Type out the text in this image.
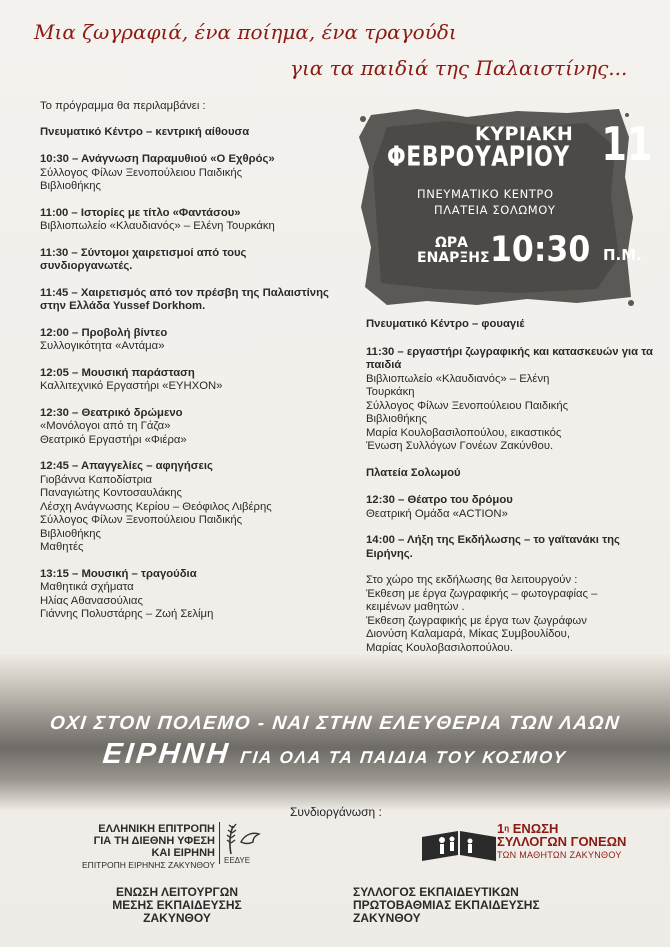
Μια ζωγραφιά, ένα ποίημα, ένα τραγούδι
για τα παιδιά της Παλαιστίνης...
Το πρόγραμμα θα περιλαμβάνει :
Πνευματικό Κέντρο – κεντρική αίθουσα
10:30 – Ανάγνωση Παραμυθιού «Ο Εχθρός»
Σύλλογος Φίλων Ξενοπούλειου Παιδικής
Βιβλιοθήκης
11:00 – Ιστορίες με τίτλο «Φαντάσου»
Βιβλιοπωλείο «Κλαυδιανός» – Ελένη Τουρκάκη
11:30 – Σύντομοι χαιρετισμοί από τους συνδιοργανωτές.
11:45 – Χαιρετισμός από τον πρέσβη της Παλαιστίνης στην Ελλάδα Yussef Dorkhom.
12:00 – Προβολή βίντεο
Συλλογικότητα «Αντάμα»
12:05 – Μουσική παράσταση
Καλλιτεχνικό Εργαστήρι «ΕΥΗΧΟΝ»
12:30 – Θεατρικό δρώμενο
«Μονόλογοι από τη Γάζα»
Θεατρικό Εργαστήρι «Φιέρα»
12:45 – Απαγγελίες – αφηγήσεις
Γιοβάννα Καποδίστρια
Παναγιώτης Κοντοσαυλάκης
Λέσχη Ανάγνωσης Κερίου – Θεόφιλος Λιβέρης
Σύλλογος Φίλων Ξενοπούλειου Παιδικής
Βιβλιοθήκης
Μαθητές
13:15 – Μουσική – τραγούδια
Μαθητικά σχήματα
Ηλίας Αθανασούλιας
Γιάννης Πολυστάρης – Ζωή Σελίμη
ΚΥΡΙΑΚΗ
ΦΕΒΡΟΥΑΡΙΟΥ 11
ΠΝΕΥΜΑΤΙΚΟ ΚΕΝΤΡΟ
ΠΛΑΤΕΙΑ ΣΟΛΩΜΟΥ
ΩΡΑ
ΕΝΑΡΞΗΣ 10:30 Π.Μ.
Πνευματικό Κέντρο – φουαγιέ
11:30 – εργαστήρι ζωγραφικής και κατασκευών για τα παιδιά
Βιβλιοπωλείο «Κλαυδιανός» – Ελένη
Τουρκάκη
Σύλλογος Φίλων Ξενοπούλειου Παιδικής
Βιβλιοθήκης
Μαρία Κουλοβασιλοπούλου, εικαστικός
Ένωση Συλλόγων Γονέων Ζακύνθου.
Πλατεία Σολωμού
12:30 – Θέατρο του δρόμου
Θεατρική Ομάδα «ACTION»
14:00 – Λήξη της Εκδήλωσης – το γαϊτανάκι της Ειρήνης.
Στο χώρο της εκδήλωσης θα λειτουργούν :
Έκθεση με έργα ζωγραφικής – φωτογραφίας –
κειμένων μαθητών .
Έκθεση ζωγραφικής με έργα των ζωγράφων
Διονύση Καλαμαρά, Μίκας Συμβουλίδου,
Μαρίας Κουλοβασιλοπούλου.
ΟΧΙ ΣΤΟΝ ΠΟΛΕΜΟ - ΝΑΙ ΣΤΗΝ ΕΛΕΥΘΕΡΙΑ ΤΩΝ ΛΑΩΝ
ΕΙΡΗΝΗ ΓΙΑ ΟΛΑ ΤΑ ΠΑΙΔΙΑ ΤΟΥ ΚΟΣΜΟΥ
Συνδιοργάνωση :
ΕΛΛΗΝΙΚΗ ΕΠΙΤΡΟΠΗ
ΓΙΑ ΤΗ ΔΙΕΘΝΗ ΥΦΕΣΗ
ΚΑΙ ΕΙΡΗΝΗ
ΕΠΙΤΡΟΠΗ ΕΙΡΗΝΗΣ ΖΑΚΥΝΘΟΥ ΕΕΔΥΕ
ΕΝΩΣΗ ΛΕΙΤΟΥΡΓΩΝ
ΜΕΣΗΣ ΕΚΠΑΙΔΕΥΣΗΣ
ΖΑΚΥΝΘΟΥ
$1^\eta$ ΕΝΩΣΗ
ΣΥΛΛΟΓΩΝ ΓΟΝΕΩΝ
ΤΩΝ ΜΑΘΗΤΩΝ ΖΑΚΥΝΘΟΥ
ΣΥΛΛΟΓΟΣ ΕΚΠΑΙΔΕΥΤΙΚΩΝ
ΠΡΩΤΟΒΑΘΜΙΑΣ ΕΚΠΑΙΔΕΥΣΗΣ
ΖΑΚΥΝΘΟΥ
